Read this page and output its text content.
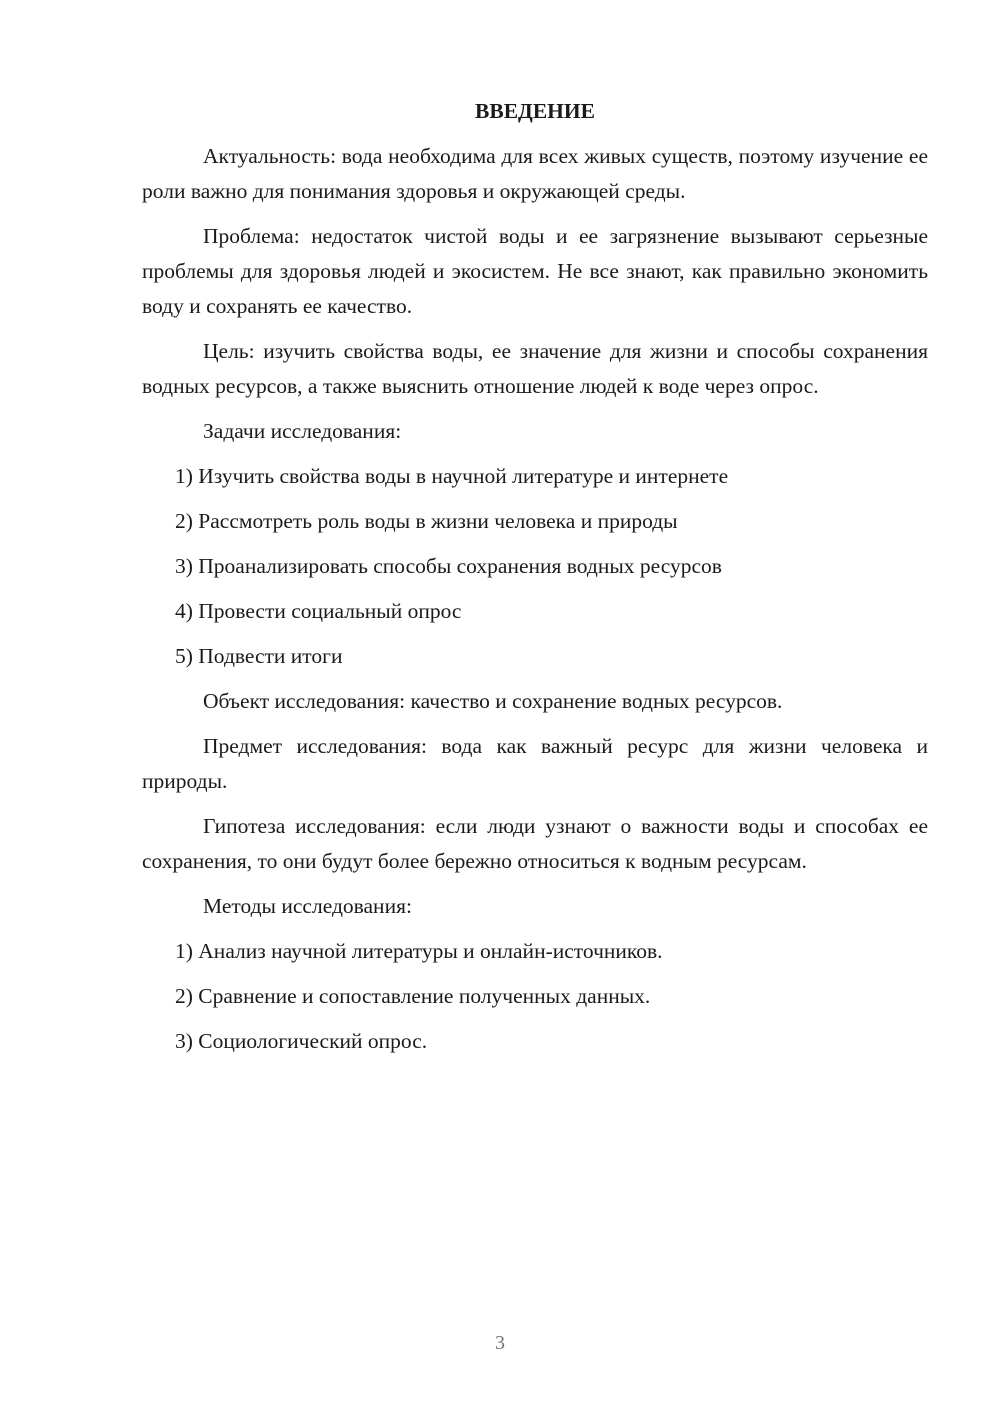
ВВЕДЕНИЕ

Актуальность: вода необходима для всех живых существ, поэтому изучение ее роли важно для понимания здоровья и окружающей среды.

Проблема: недостаток чистой воды и ее загрязнение вызывают серьезные проблемы для здоровья людей и экосистем. Не все знают, как правильно экономить воду и сохранять ее качество.

Цель: изучить свойства воды, ее значение для жизни и способы сохранения водных ресурсов, а также выяснить отношение людей к воде через опрос.

Задачи исследования:

1) Изучить свойства воды в научной литературе и интернете
2) Рассмотреть роль воды в жизни человека и природы
3) Проанализировать способы сохранения водных ресурсов
4) Провести социальный опрос
5) Подвести итоги

Объект исследования: качество и сохранение водных ресурсов.

Предмет исследования: вода как важный ресурс для жизни человека и природы.

Гипотеза исследования: если люди узнают о важности воды и способах ее сохранения, то они будут более бережно относиться к водным ресурсам.

Методы исследования:

1) Анализ научной литературы и онлайн-источников.
2) Сравнение и сопоставление полученных данных.
3) Социологический опрос.
3
